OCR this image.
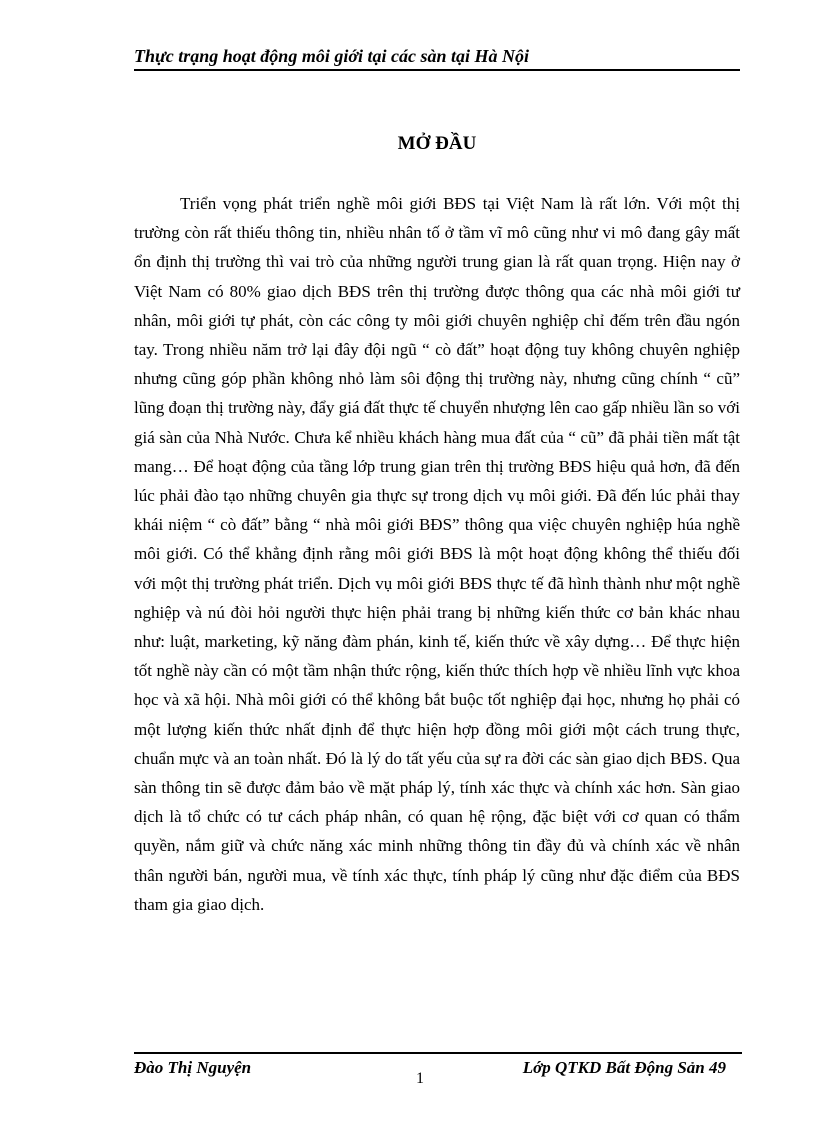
Thực trạng hoạt động môi giới tại các sàn tại Hà Nội
MỞ ĐẦU

Triển vọng phát triển nghề môi giới BĐS tại Việt Nam là rất lớn. Với một thị trường còn rất thiếu thông tin, nhiều nhân tố ở tầm vĩ mô cũng như vi mô đang gây mất ổn định thị trường thì vai trò của những người trung gian là rất quan trọng. Hiện nay ở Việt Nam có 80% giao dịch BĐS trên thị trường được thông qua các nhà môi giới tư nhân, môi giới tự phát, còn các công ty môi giới chuyên nghiệp chỉ đếm trên đầu ngón tay. Trong nhiều năm trở lại đây đội ngũ “ cò đất” hoạt động tuy không chuyên nghiệp nhưng cũng góp phần không nhỏ làm sôi động thị trường này, nhưng cũng chính “ cũ” lũng đoạn thị trường này, đẩy giá đất thực tế chuyển nhượng lên cao gấp nhiều lần so với giá sàn của Nhà Nước. Chưa kể nhiều khách hàng mua đất của “ cũ” đã phải tiền mất tật mang… Để hoạt động của tầng lớp trung gian trên thị trường BĐS hiệu quả hơn, đã đến lúc phải đào tạo những chuyên gia thực sự trong dịch vụ môi giới. Đã đến lúc phải thay khái niệm “ cò đất” bằng “ nhà môi giới BĐS” thông qua việc chuyên nghiệp húa nghề môi giới. Có thể khẳng định rằng môi giới BĐS là một hoạt động không thể thiếu đối với một thị trường phát triển. Dịch vụ môi giới BĐS thực tế đã hình thành như một nghề nghiệp và nú đòi hỏi người thực hiện phải trang bị những kiến thức cơ bản khác nhau như: luật, marketing, kỹ năng đàm phán, kinh tế, kiến thức về xây dựng… Để thực hiện tốt nghề này cần có một tầm nhận thức rộng, kiến thức thích hợp về nhiều lĩnh vực khoa học và xã hội. Nhà môi giới có thể không bắt buộc tốt nghiệp đại học, nhưng họ phải có một lượng kiến thức nhất định để thực hiện hợp đồng môi giới một cách trung thực, chuẩn mực và an toàn nhất. Đó là lý do tất yếu của sự ra đời các sàn giao dịch BĐS. Qua sàn thông tin sẽ được đảm bảo về mặt pháp lý, tính xác thực và chính xác hơn. Sàn giao dịch là tổ chức có tư cách pháp nhân, có quan hệ rộng, đặc biệt với cơ quan có thẩm quyền, nắm giữ và chức năng xác minh những thông tin đầy đủ và chính xác về nhân thân người bán, người mua, về tính xác thực, tính pháp lý cũng như đặc điểm của BĐS tham gia giao dịch.

Đào Thị Nguyện
1
Lớp QTKD Bất Động Sản 49
